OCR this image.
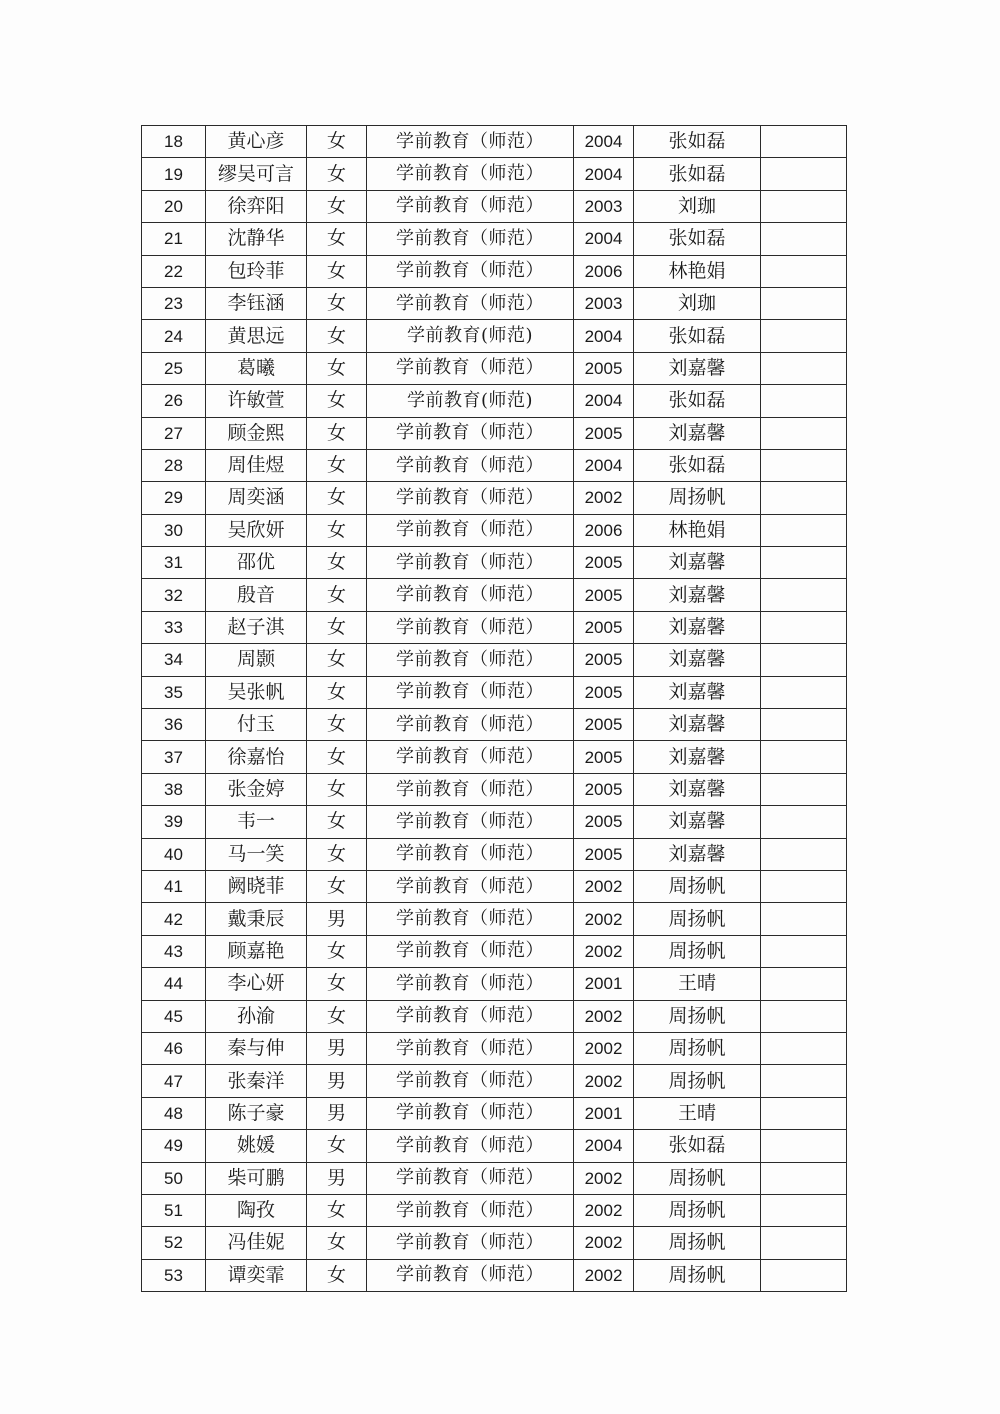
18	黄心彦	女	学前教育（师范）	2004	张如磊	
19	缪吴可言	女	学前教育（师范）	2004	张如磊	
20	徐弈阳	女	学前教育（师范）	2003	刘珈	
21	沈静华	女	学前教育（师范）	2004	张如磊	
22	包玲菲	女	学前教育（师范）	2006	林艳娟	
23	李钰涵	女	学前教育（师范）	2003	刘珈	
24	黄思远	女	学前教育(师范)	2004	张如磊	
25	葛曦	女	学前教育（师范）	2005	刘嘉馨	
26	许敏萱	女	学前教育(师范)	2004	张如磊	
27	顾金熙	女	学前教育（师范）	2005	刘嘉馨	
28	周佳煜	女	学前教育（师范）	2004	张如磊	
29	周奕涵	女	学前教育（师范）	2002	周扬帆	
30	吴欣妍	女	学前教育（师范）	2006	林艳娟	
31	邵优	女	学前教育（师范）	2005	刘嘉馨	
32	殷音	女	学前教育（师范）	2005	刘嘉馨	
33	赵子淇	女	学前教育（师范）	2005	刘嘉馨	
34	周颢	女	学前教育（师范）	2005	刘嘉馨	
35	吴张帆	女	学前教育（师范）	2005	刘嘉馨	
36	付玉	女	学前教育（师范）	2005	刘嘉馨	
37	徐嘉怡	女	学前教育（师范）	2005	刘嘉馨	
38	张金婷	女	学前教育（师范）	2005	刘嘉馨	
39	韦一	女	学前教育（师范）	2005	刘嘉馨	
40	马一笑	女	学前教育（师范）	2005	刘嘉馨	
41	阙晓菲	女	学前教育（师范）	2002	周扬帆	
42	戴秉辰	男	学前教育（师范）	2002	周扬帆	
43	顾嘉艳	女	学前教育（师范）	2002	周扬帆	
44	李心妍	女	学前教育（师范）	2001	王晴	
45	孙渝	女	学前教育（师范）	2002	周扬帆	
46	秦与伸	男	学前教育（师范）	2002	周扬帆	
47	张秦洋	男	学前教育（师范）	2002	周扬帆	
48	陈子豪	男	学前教育（师范）	2001	王晴	
49	姚媛	女	学前教育（师范）	2004	张如磊	
50	柴可鹏	男	学前教育（师范）	2002	周扬帆	
51	陶孜	女	学前教育（师范）	2002	周扬帆	
52	冯佳妮	女	学前教育（师范）	2002	周扬帆	
53	谭奕霏	女	学前教育（师范）	2002	周扬帆	
